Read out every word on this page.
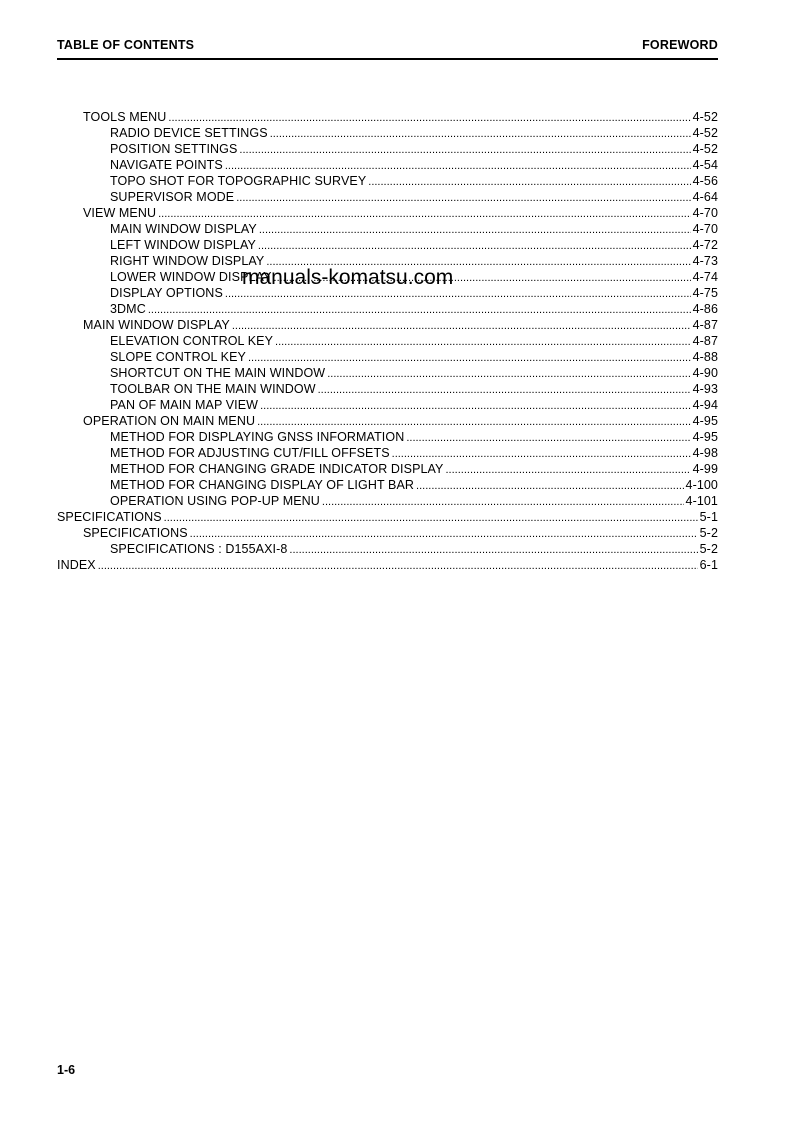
TABLE OF CONTENTS	FOREWORD
TOOLS MENU .....	4-52
RADIO DEVICE SETTINGS .....	4-52
POSITION SETTINGS .....	4-52
NAVIGATE POINTS .....	4-54
TOPO SHOT FOR TOPOGRAPHIC SURVEY .....	4-56
SUPERVISOR MODE .....	4-64
VIEW MENU .....	4-70
MAIN WINDOW DISPLAY .....	4-70
LEFT WINDOW DISPLAY .....	4-72
RIGHT WINDOW DISPLAY .....	4-73
LOWER WINDOW DISPLAY .....	4-74
DISPLAY OPTIONS .....	4-75
3DMC .....	4-86
MAIN WINDOW DISPLAY .....	4-87
ELEVATION CONTROL KEY .....	4-87
SLOPE CONTROL KEY .....	4-88
SHORTCUT ON THE MAIN WINDOW .....	4-90
TOOLBAR ON THE MAIN WINDOW .....	4-93
PAN OF MAIN MAP VIEW .....	4-94
OPERATION ON MAIN MENU .....	4-95
METHOD FOR DISPLAYING GNSS INFORMATION .....	4-95
METHOD FOR ADJUSTING CUT/FILL OFFSETS .....	4-98
METHOD FOR CHANGING GRADE INDICATOR DISPLAY .....	4-99
METHOD FOR CHANGING DISPLAY OF LIGHT BAR .....	4-100
OPERATION USING POP-UP MENU .....	4-101
SPECIFICATIONS .....	5-1
SPECIFICATIONS .....	5-2
SPECIFICATIONS : D155AXI-8 .....	5-2
INDEX .....	6-1
manuals-komatsu.com
1-6
